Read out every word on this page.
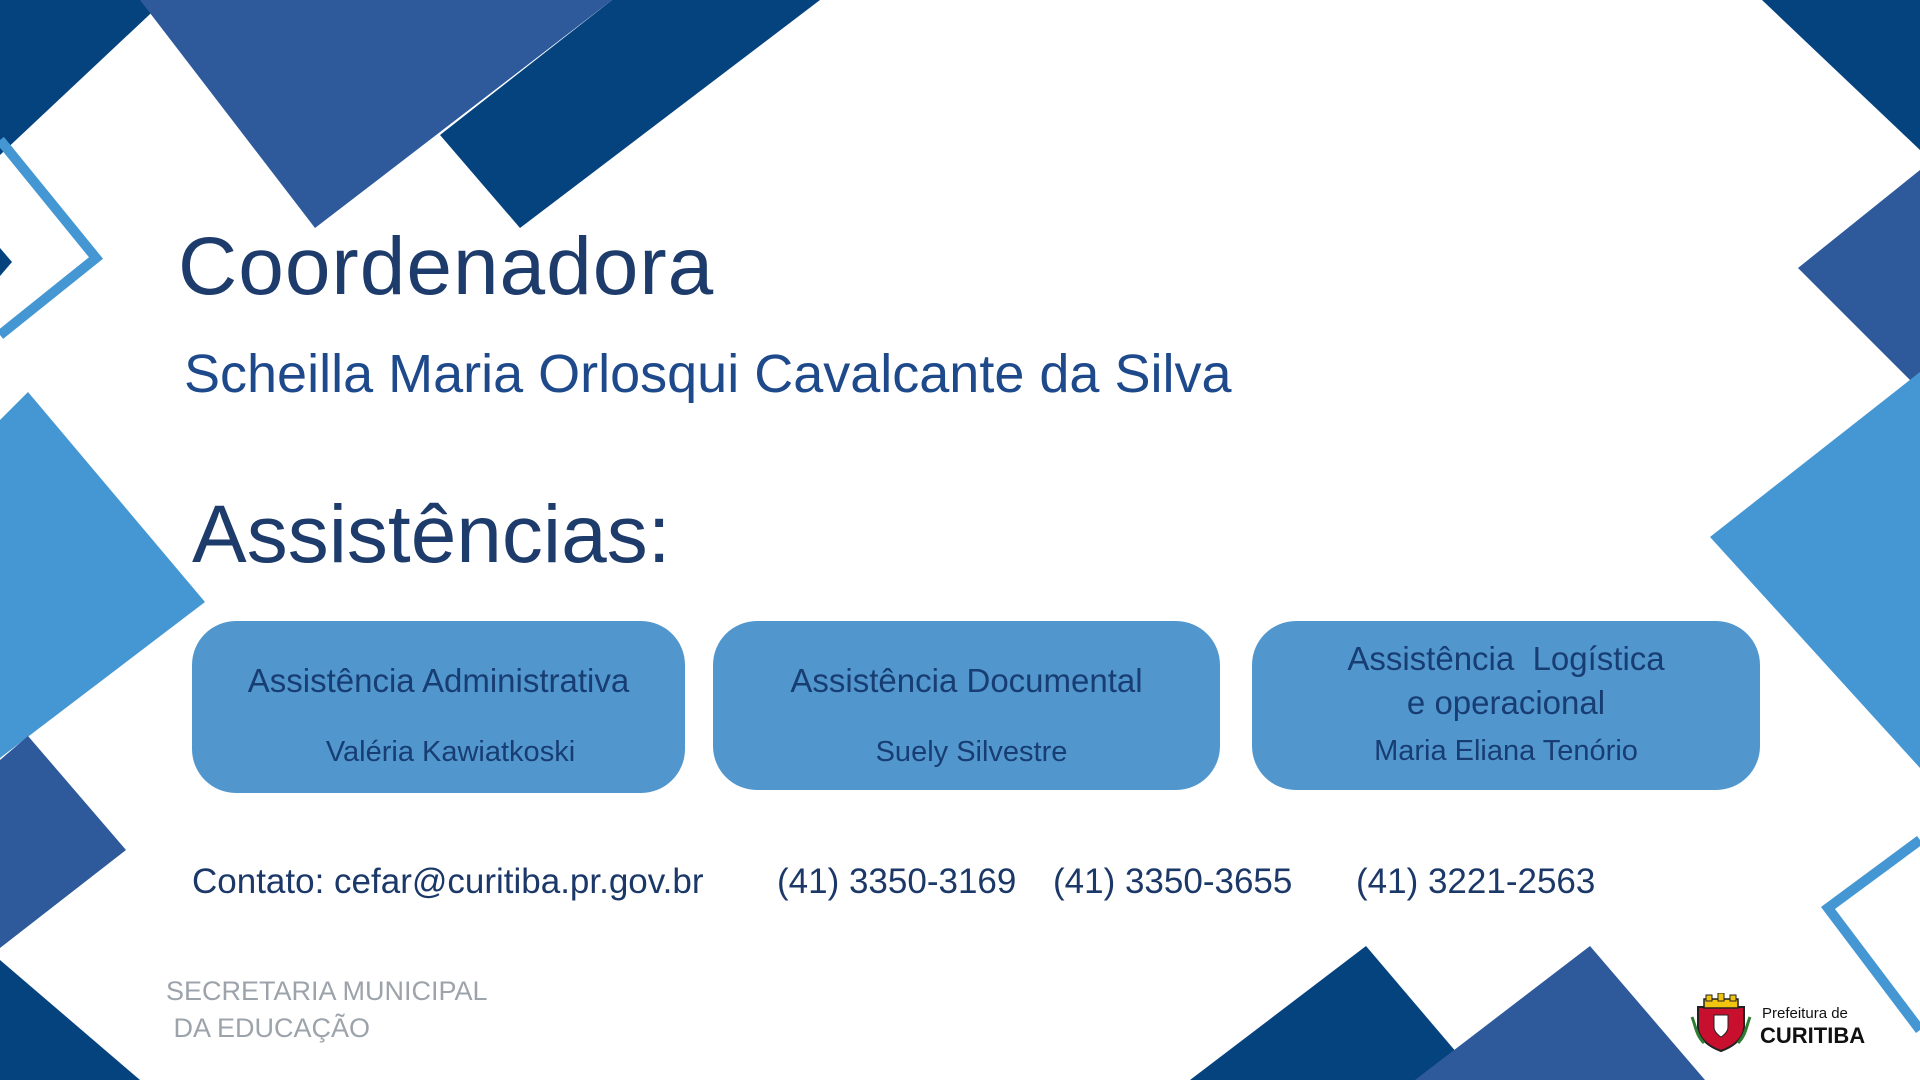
Coordenadora
Scheilla Maria Orlosqui Cavalcante da Silva
Assistências:
Assistência Administrativa
Valéria Kawiatkoski
Assistência Documental
Suely Silvestre
Assistência  Logística
e operacional
Maria Eliana Tenório
Contato: cefar@curitiba.pr.gov.br (41) 3350-3169 (41) 3350-3655 (41) 3221-2563
SECRETARIA MUNICIPAL
DA EDUCAÇÃO	Prefeitura de
CURITIBA
